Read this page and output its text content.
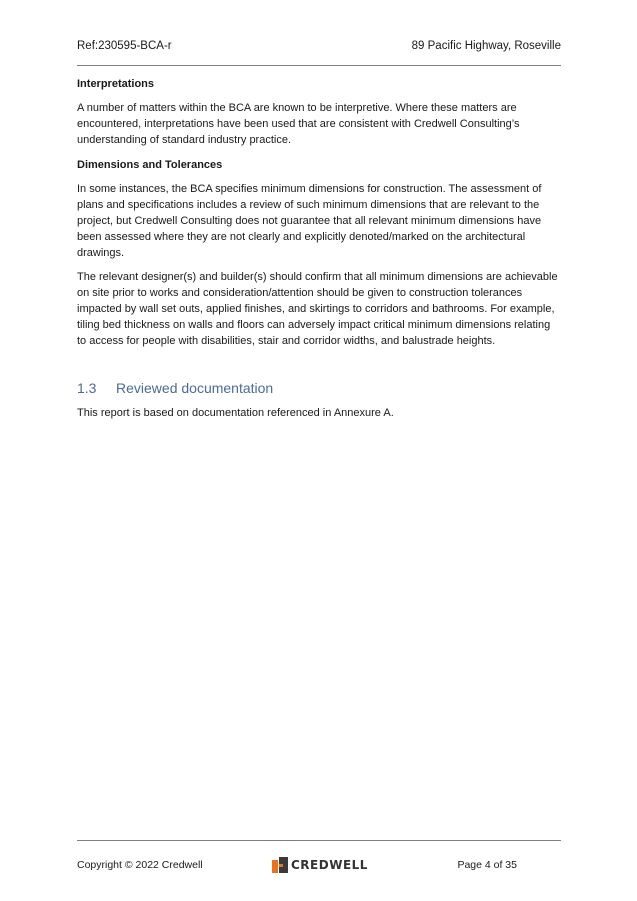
Ref:230595-BCA-r	89 Pacific Highway, Roseville

Interpretations

A number of matters within the BCA are known to be interpretive. Where these matters are encountered, interpretations have been used that are consistent with Credwell Consulting’s understanding of standard industry practice.

Dimensions and Tolerances

In some instances, the BCA specifies minimum dimensions for construction. The assessment of plans and specifications includes a review of such minimum dimensions that are relevant to the project, but Credwell Consulting does not guarantee that all relevant minimum dimensions have been assessed where they are not clearly and explicitly denoted/marked on the architectural drawings.

The relevant designer(s) and builder(s) should confirm that all minimum dimensions are achievable on site prior to works and consideration/attention should be given to construction tolerances impacted by wall set outs, applied finishes, and skirtings to corridors and bathrooms. For example, tiling bed thickness on walls and floors can adversely impact critical minimum dimensions relating to access for people with disabilities, stair and corridor widths, and balustrade heights.

1.3	Reviewed documentation

This report is based on documentation referenced in Annexure A.

Copyright © 2022 Credwell	CREDWELL	Page 4 of 35
